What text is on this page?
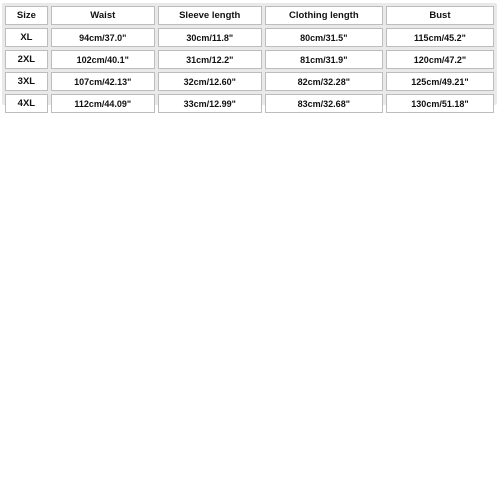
Size	Waist	Sleeve length	Clothing length	Bust
XL	94cm/37.0"	30cm/11.8"	80cm/31.5"	115cm/45.2"
2XL	102cm/40.1"	31cm/12.2"	81cm/31.9"	120cm/47.2"
3XL	107cm/42.13"	32cm/12.60"	82cm/32.28"	125cm/49.21"
4XL	112cm/44.09"	33cm/12.99"	83cm/32.68"	130cm/51.18"
